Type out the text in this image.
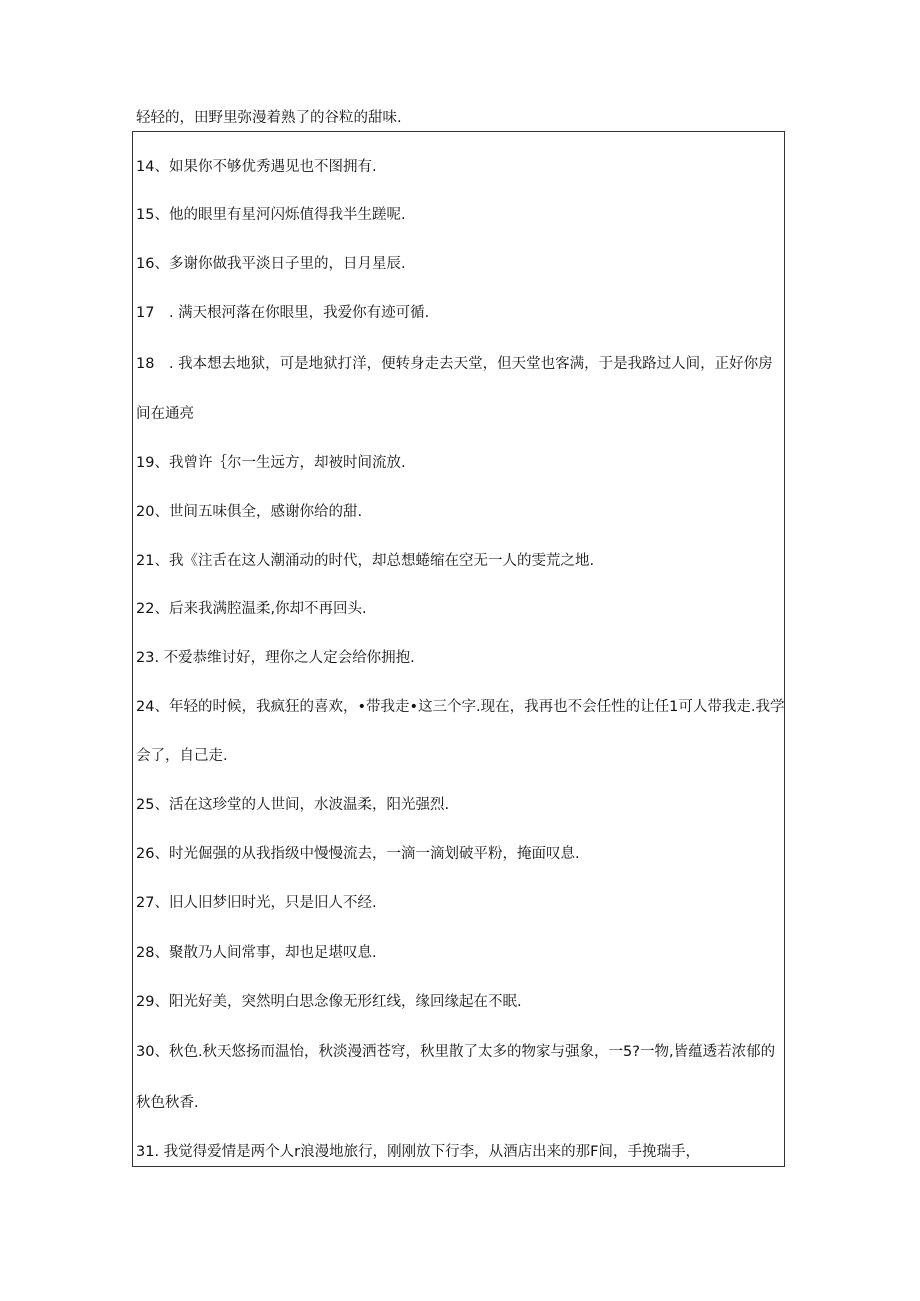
轻轻的，田野里弥漫着熟了的谷粒的甜味.
14、如果你不够优秀遇见也不图拥有.
15、他的眼里有星河闪烁值得我半生蹉呢.
16、多谢你做我平淡日子里的，日月星辰.
17　. 满天根河落在你眼里，我爱你有迹可循.
18　. 我本想去地狱，可是地狱打洋，便转身走去天堂，但天堂也客满，于是我路过人间，正好你房
间在通亮
19、我曾许｛尔一生远方，却被时间流放.
20、世间五味俱全，感谢你给的甜.
21、我《注舌在这人潮涌动的时代，却总想蜷缩在空无一人的雯荒之地.
22、后来我满腔温柔,你却不再回头.
23. 不爱恭维讨好，理你之人定会给你拥抱.
24、年轻的时候，我疯狂的喜欢，•带我走•这三个字.现在，我再也不会任性的让任1可人带我走.我学
会了，自己走.
25、活在这珍堂的人世间，水波温柔，阳光强烈.
26、时光倔强的从我指级中慢慢流去，一滴一滴划破平粉，掩面叹息.
27、旧人旧梦旧时光，只是旧人不经.
28、聚散乃人间常事，却也足堪叹息.
29、阳光好美，突然明白思念像无形红线，缘回缘起在不眠.
30、秋色.秋天悠扬而温怡，秋淡漫洒苍穹，秋里散了太多的物家与强象，一5?一物,皆蕴透若浓郁的
秋色秋香.
31. 我觉得爱情是两个人r浪漫地旅行，刚刚放下行李，从酒店出来的那F间，手挽瑞手，
